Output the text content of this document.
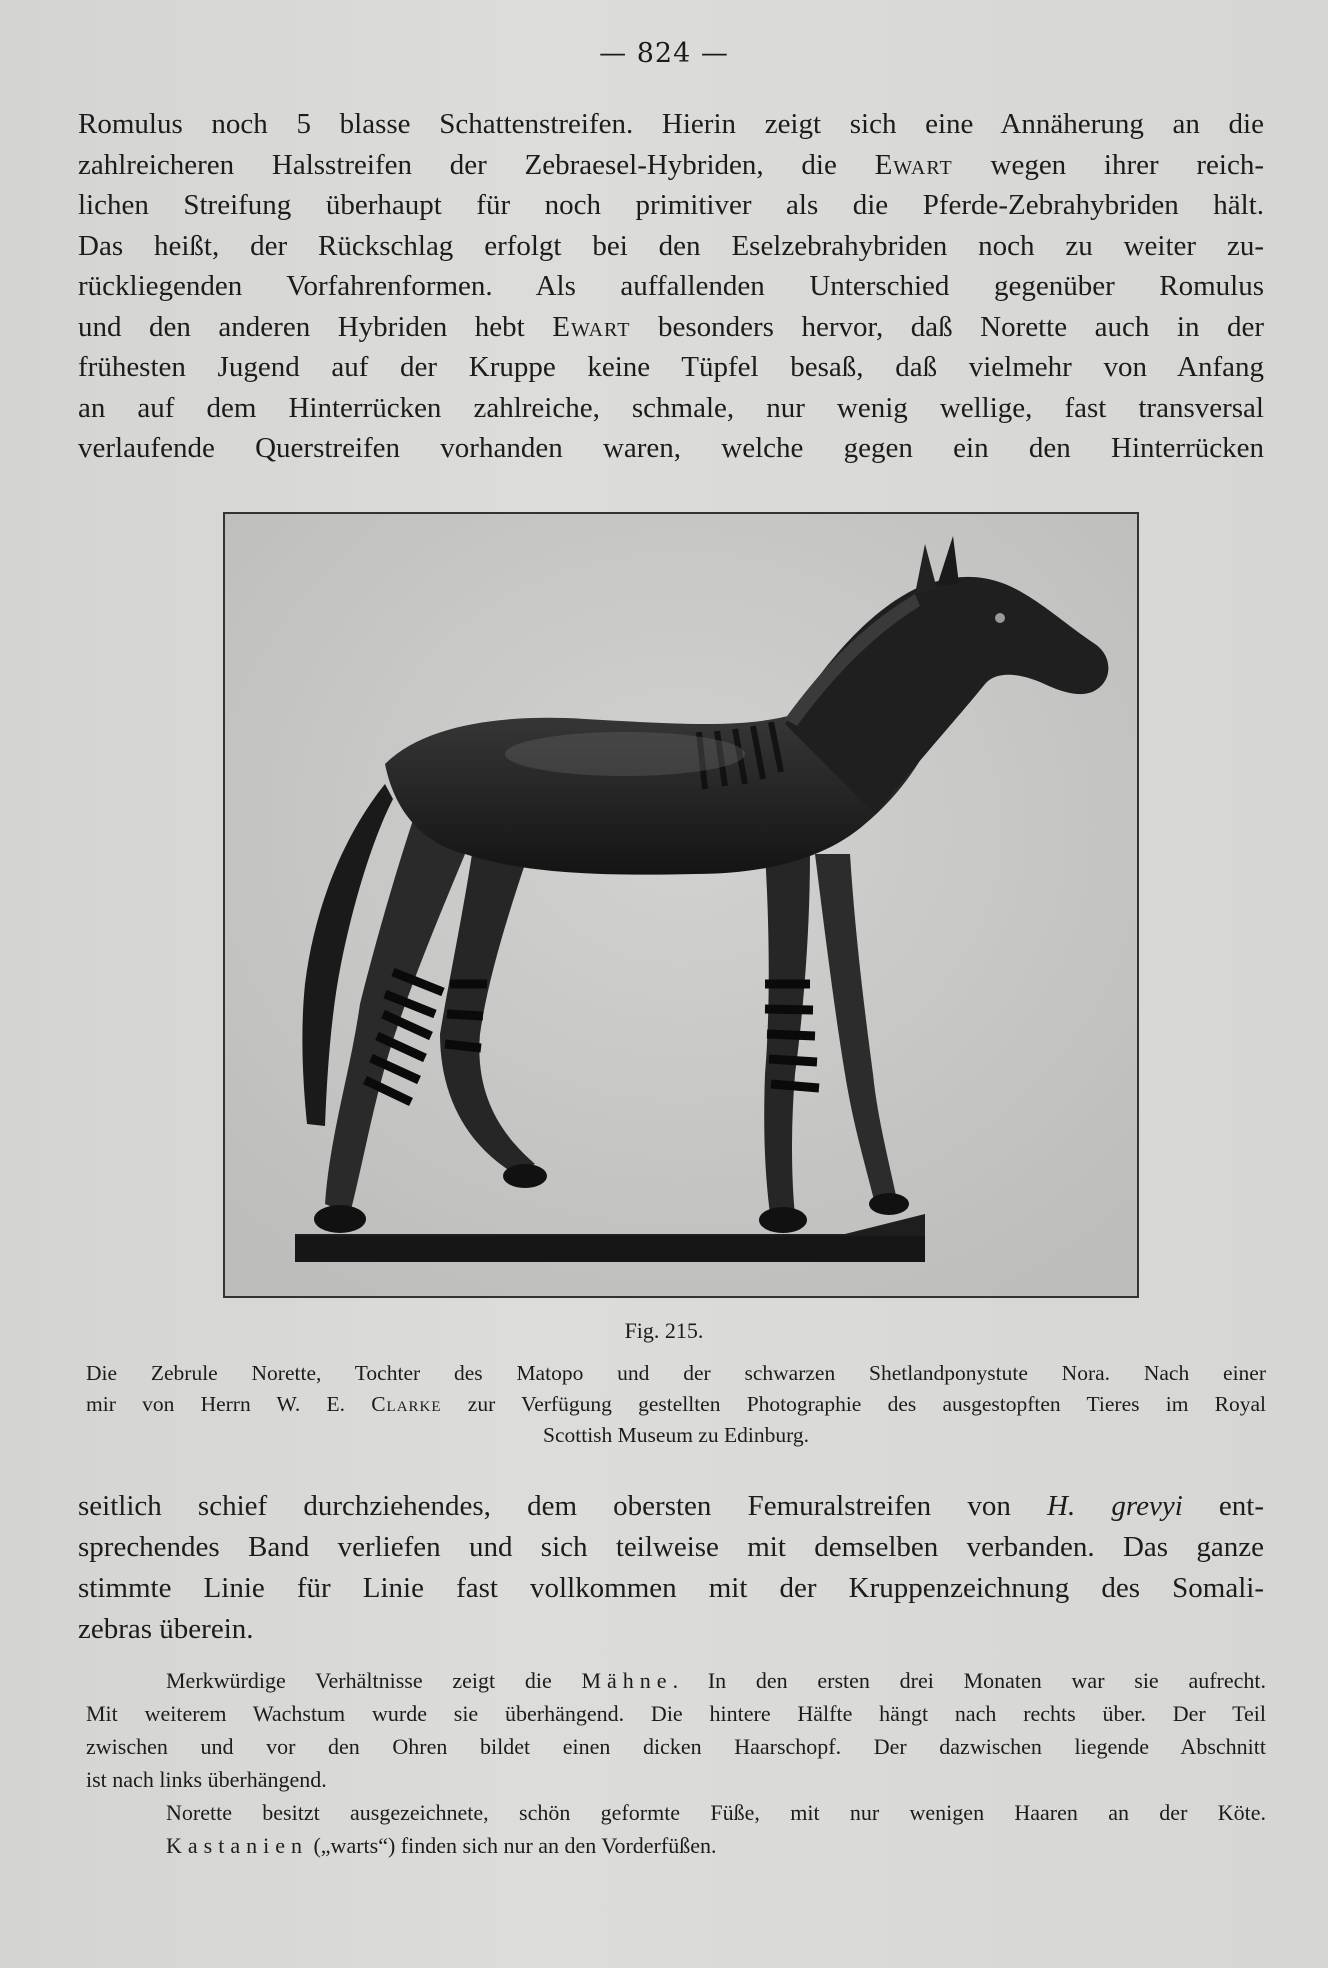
— 824 —
Romulus noch 5 blasse Schattenstreifen. Hierin zeigt sich eine Annäherung an die
zahlreicheren Halsstreifen der Zebraesel-Hybriden, die Ewart wegen ihrer reich-
lichen Streifung überhaupt für noch primitiver als die Pferde-Zebrahybriden hält.
Das heißt, der Rückschlag erfolgt bei den Eselzebrahybriden noch zu weiter zu-
rückliegenden Vorfahrenformen. Als auffallenden Unterschied gegenüber Romulus
und den anderen Hybriden hebt Ewart besonders hervor, daß Norette auch in der
frühesten Jugend auf der Kruppe keine Tüpfel besaß, daß vielmehr von Anfang
an auf dem Hinterrücken zahlreiche, schmale, nur wenig wellige, fast transversal
verlaufende Querstreifen vorhanden waren, welche gegen ein den Hinterrücken
Fig. 215.
Die Zebrule Norette, Tochter des Matopo und der schwarzen Shetlandponystute Nora. Nach einer
mir von Herrn W. E. Clarke zur Verfügung gestellten Photographie des ausgestopften Tieres im Royal
Scottish Museum zu Edinburg.
seitlich schief durchziehendes, dem obersten Femuralstreifen von H. grevyi ent-
sprechendes Band verliefen und sich teilweise mit demselben verbanden. Das ganze
stimmte Linie für Linie fast vollkommen mit der Kruppenzeichnung des Somali-
zebras überein.
Merkwürdige Verhältnisse zeigt die Mähne. In den ersten drei Monaten war sie aufrecht.
Mit weiterem Wachstum wurde sie überhängend. Die hintere Hälfte hängt nach rechts über. Der Teil
zwischen und vor den Ohren bildet einen dicken Haarschopf. Der dazwischen liegende Abschnitt
ist nach links überhängend.
Norette besitzt ausgezeichnete, schön geformte Füße, mit nur wenigen Haaren an der Köte.
Kastanien („warts“) finden sich nur an den Vorderfüßen.
